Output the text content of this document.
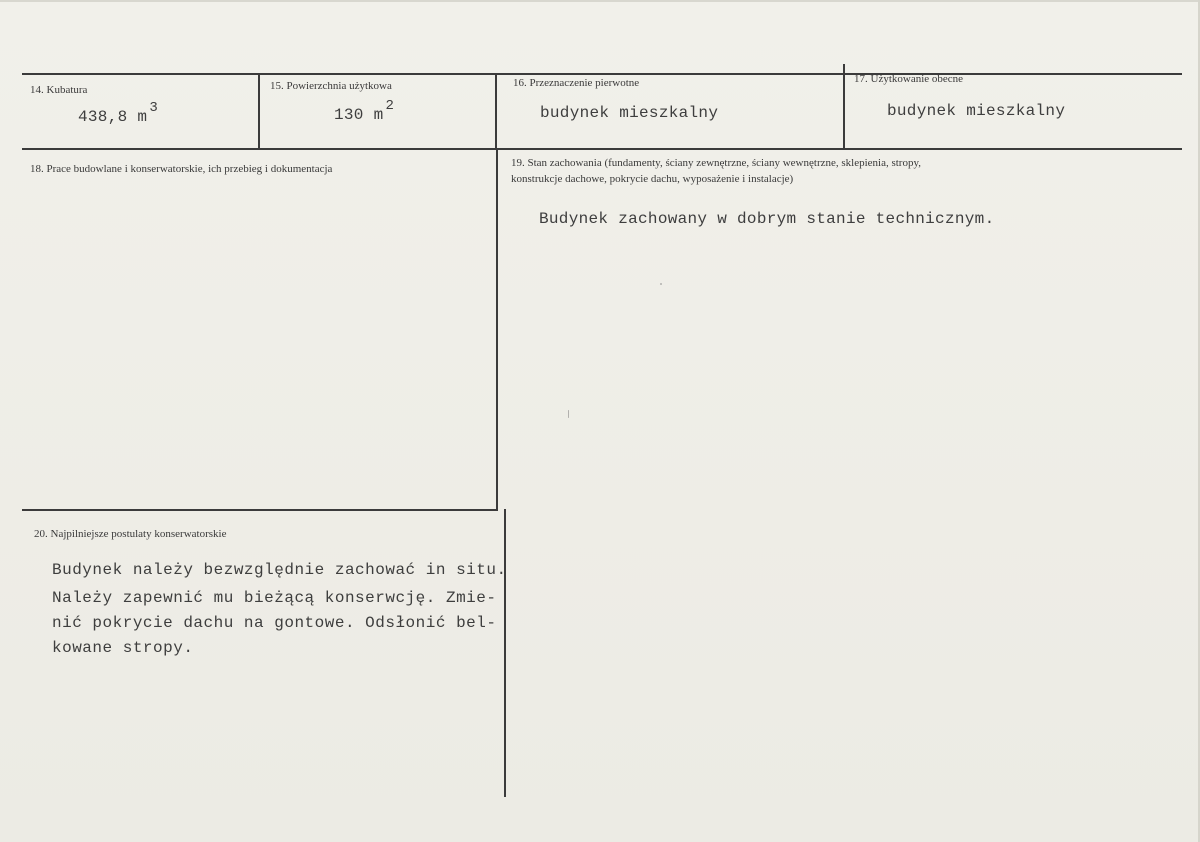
14. Kubatura
438,8 m 3
15. Powierzchnia użytkowa
130 m 2
16. Przeznaczenie pierwotne
budynek mieszkalny
17. Użytkowanie obecne
budynek mieszkalny
18. Prace budowlane i konserwatorskie, ich przebieg i dokumentacja	19. Stan zachowania (fundamenty, ściany zewnętrzne, ściany wewnętrzne, sklepienia, stropy,
konstrukcje dachowe, pokrycie dachu, wyposażenie i instalacje)
Budynek zachowany w dobrym stanie technicznym.
20. Najpilniejsze postulaty konserwatorskie
Budynek należy bezwzględnie zachować in situ.
Należy zapewnić mu bieżącą konserwcję. Zmie-
nić pokrycie dachu na gontowe. Odsłonić bel-
kowane stropy.
